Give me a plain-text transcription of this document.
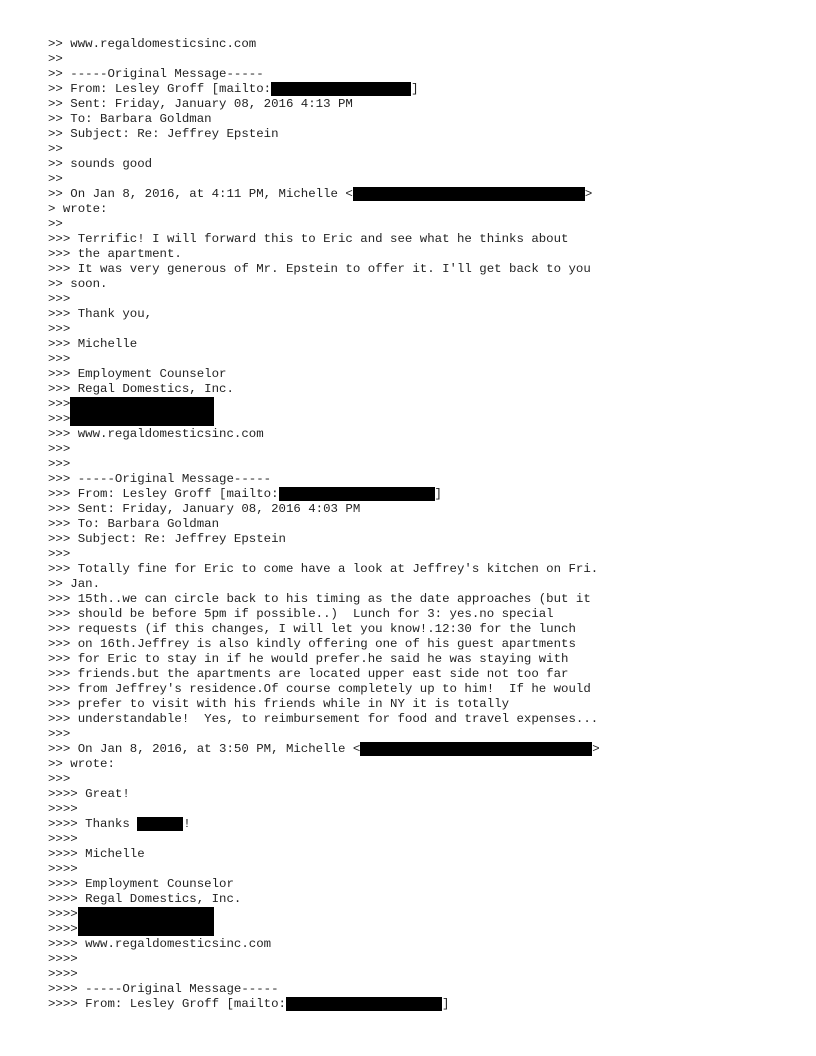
>> www.regaldomesticsinc.com
>>
>> -----Original Message-----
>> From: Lesley Groff [mailto:	]
>> Sent: Friday, January 08, 2016 4:13 PM
>> To: Barbara Goldman
>> Subject: Re: Jeffrey Epstein
>>
>> sounds good
>>
>> On Jan 8, 2016, at 4:11 PM, Michelle <	>
> wrote:
>>
>>> Terrific! I will forward this to Eric and see what he thinks about
>>> the apartment.
>>> It was very generous of Mr. Epstein to offer it. I'll get back to you
>> soon.
>>>
>>> Thank you,
>>>
>>> Michelle
>>>
>>> Employment Counselor
>>> Regal Domestics, Inc.
>>>
>>>
>>> www.regaldomesticsinc.com
>>>
>>>
>>> -----Original Message-----
>>> From: Lesley Groff [mailto:	]
>>> Sent: Friday, January 08, 2016 4:03 PM
>>> To: Barbara Goldman
>>> Subject: Re: Jeffrey Epstein
>>>
>>> Totally fine for Eric to come have a look at Jeffrey's kitchen on Fri.
>> Jan.
>>> 15th..we can circle back to his timing as the date approaches (but it
>>> should be before 5pm if possible..)  Lunch for 3: yes.no special
>>> requests (if this changes, I will let you know!.12:30 for the lunch
>>> on 16th.Jeffrey is also kindly offering one of his guest apartments
>>> for Eric to stay in if he would prefer.he said he was staying with
>>> friends.but the apartments are located upper east side not too far
>>> from Jeffrey's residence.Of course completely up to him!  If he would
>>> prefer to visit with his friends while in NY it is totally
>>> understandable!  Yes, to reimbursement for food and travel expenses...
>>>
>>> On Jan 8, 2016, at 3:50 PM, Michelle <	>
>> wrote:
>>>
>>>> Great!
>>>>
>>>> Thanks	!
>>>>
>>>> Michelle
>>>>
>>>> Employment Counselor
>>>> Regal Domestics, Inc.
>>>>
>>>>
>>>> www.regaldomesticsinc.com
>>>>
>>>>
>>>> -----Original Message-----
>>>> From: Lesley Groff [mailto:	]
